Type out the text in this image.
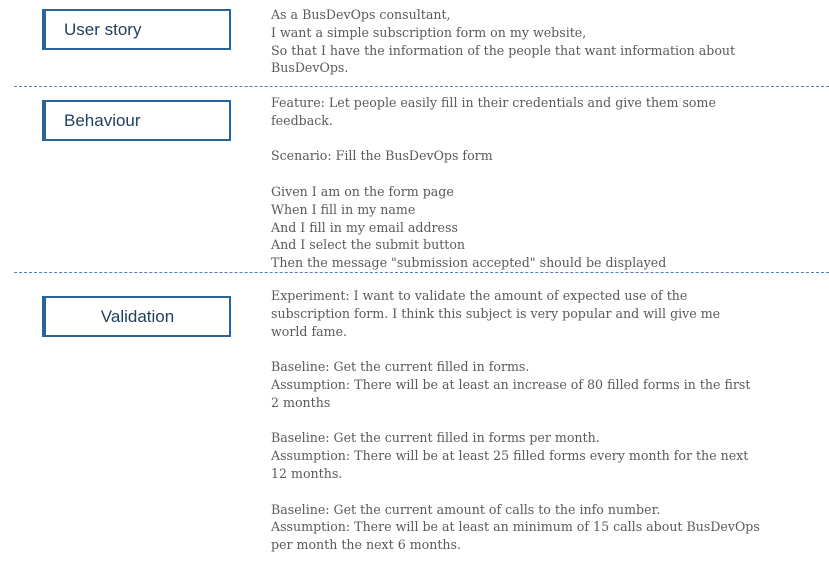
User story
As a BusDevOps consultant,
I want a simple subscription form on my website,
So that I have the information of the people that want information about
BusDevOps.
Behaviour
Feature: Let people easily fill in their credentials and give them some
feedback.
Scenario: Fill the BusDevOps form
Given I am on the form page
When I fill in my name
And I fill in my email address
And I select the submit button
Then the message "submission accepted" should be displayed
Validation
Experiment: I want to validate the amount of expected use of the
subscription form. I think this subject is very popular and will give me
world fame.
Baseline: Get the current filled in forms.
Assumption: There will be at least an increase of 80 filled forms in the first
2 months
Baseline: Get the current filled in forms per month.
Assumption: There will be at least 25 filled forms every month for the next
12 months.
Baseline: Get the current amount of calls to the info number.
Assumption: There will be at least an minimum of 15 calls about BusDevOps
per month the next 6 months.
